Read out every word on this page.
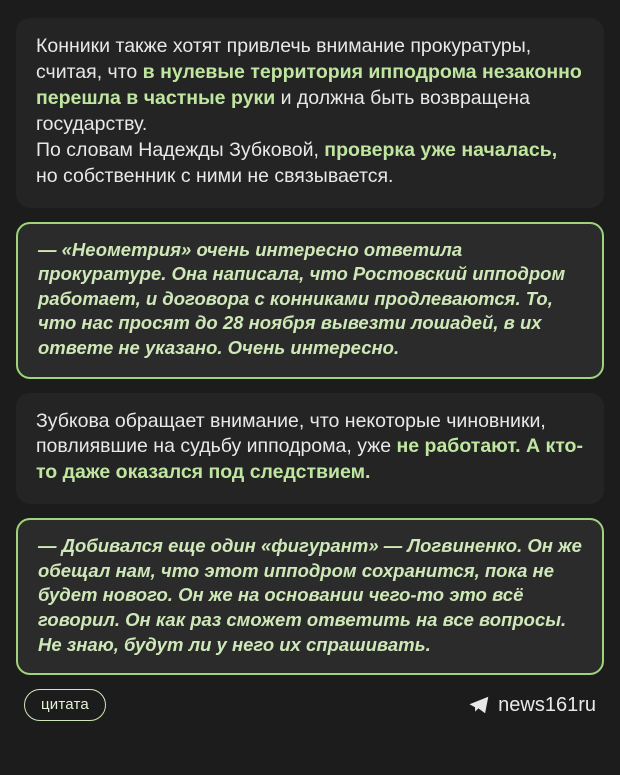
Конники также хотят привлечь внимание прокуратуры, считая, что в нулевые территория ипподрома незаконно перешла в частные руки и должна быть возвращена государству.
По словам Надежды Зубковой, проверка уже началась, но собственник с ними не связывается.

— «Неометрия» очень интересно ответила прокуратуре. Она написала, что Ростовский ипподром работает, и договора с конниками продлеваются. То, что нас просят до 28 ноября вывезти лошадей, в их ответе не указано. Очень интересно.

Зубкова обращает внимание, что некоторые чиновники, повлиявшие на судьбу ипподрома, уже не работают. А кто-то даже оказался под следствием.

— Добивался еще один «фигурант» — Логвиненко. Он же обещал нам, что этот ипподром сохранится, пока не будет нового. Он же на основании чего-то это всё говорил. Он как раз сможет ответить на все вопросы. Не знаю, будут ли у него их спрашивать.

цитата	news161ru
